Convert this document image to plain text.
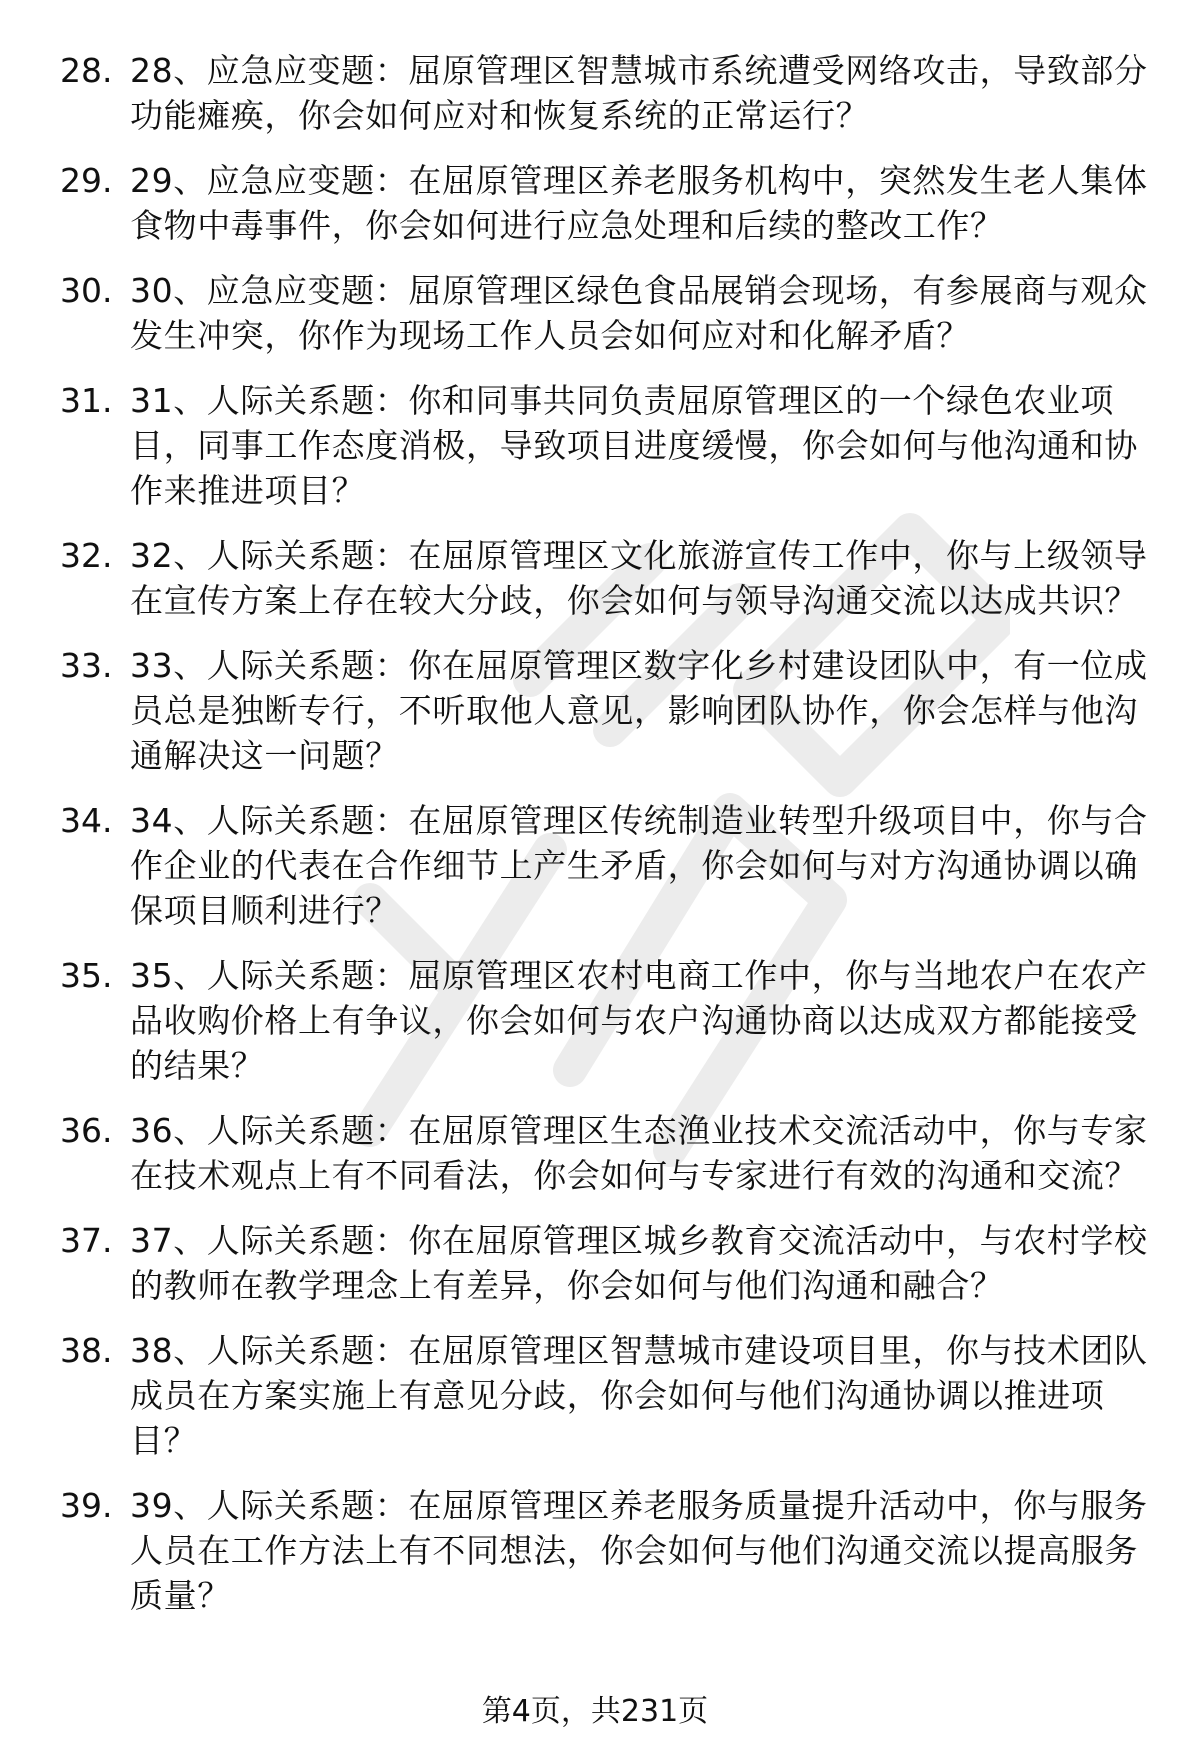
28. 28、应急应变题：屈原管理区智慧城市系统遭受网络攻击，导致部分功能瘫痪，你会如何应对和恢复系统的正常运行？
29. 29、应急应变题：在屈原管理区养老服务机构中，突然发生老人集体食物中毒事件，你会如何进行应急处理和后续的整改工作？
30. 30、应急应变题：屈原管理区绿色食品展销会现场，有参展商与观众发生冲突，你作为现场工作人员会如何应对和化解矛盾？
31. 31、人际关系题：你和同事共同负责屈原管理区的一个绿色农业项目，同事工作态度消极，导致项目进度缓慢，你会如何与他沟通和协作来推进项目？
32. 32、人际关系题：在屈原管理区文化旅游宣传工作中，你与上级领导在宣传方案上存在较大分歧，你会如何与领导沟通交流以达成共识？
33. 33、人际关系题：你在屈原管理区数字化乡村建设团队中，有一位成员总是独断专行，不听取他人意见，影响团队协作，你会怎样与他沟通解决这一问题？
34. 34、人际关系题：在屈原管理区传统制造业转型升级项目中，你与合作企业的代表在合作细节上产生矛盾，你会如何与对方沟通协调以确保项目顺利进行？
35. 35、人际关系题：屈原管理区农村电商工作中，你与当地农户在农产品收购价格上有争议，你会如何与农户沟通协商以达成双方都能接受的结果？
36. 36、人际关系题：在屈原管理区生态渔业技术交流活动中，你与专家在技术观点上有不同看法，你会如何与专家进行有效的沟通和交流？
37. 37、人际关系题：你在屈原管理区城乡教育交流活动中，与农村学校的教师在教学理念上有差异，你会如何与他们沟通和融合？
38. 38、人际关系题：在屈原管理区智慧城市建设项目里，你与技术团队成员在方案实施上有意见分歧，你会如何与他们沟通协调以推进项目？
39. 39、人际关系题：在屈原管理区养老服务质量提升活动中，你与服务人员在工作方法上有不同想法，你会如何与他们沟通交流以提高服务质量？
第4页，共231页
